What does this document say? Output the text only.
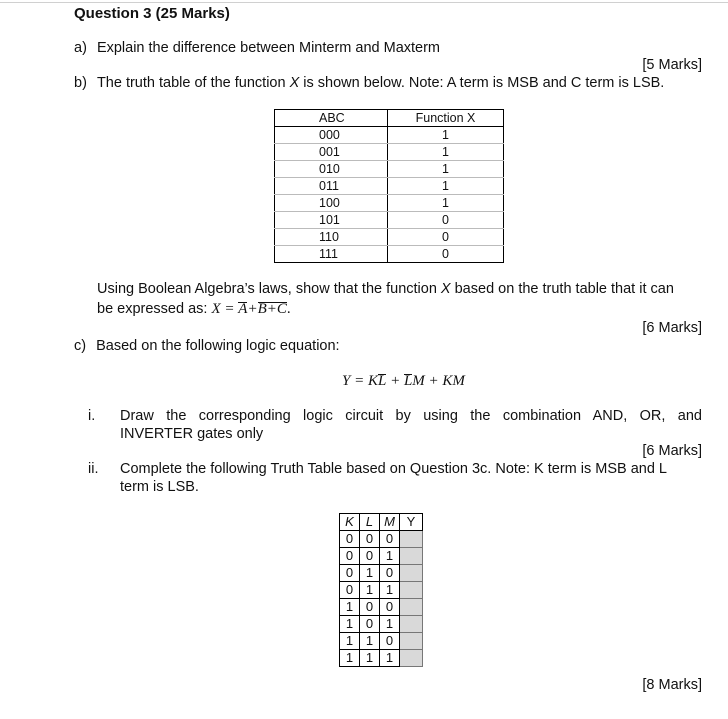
Question 3 (25 Marks)
a) Explain the difference between Minterm and Maxterm
[5 Marks]
b) The truth table of the function X is shown below. Note: A term is MSB and C term is LSB.
ABC	Function X
000	1
001	1
010	1
011	1
100	1
101	0
110	0
111	0
Using Boolean Algebra’s laws, show that the function X based on the truth table that it can
be expressed as: X = A+B+C.
[6 Marks]
c) Based on the following logic equation:
Y = KL + LM + KM
i. Draw the corresponding logic circuit by using the combination AND, OR, and
INVERTER gates only
[6 Marks]
ii. Complete the following Truth Table based on Question 3c. Note: K term is MSB and L
term is LSB.
K	L	M	Y
0	0	0	
0	0	1	
0	1	0	
0	1	1	
1	0	0	
1	0	1	
1	1	0	
1	1	1	
[8 Marks]
